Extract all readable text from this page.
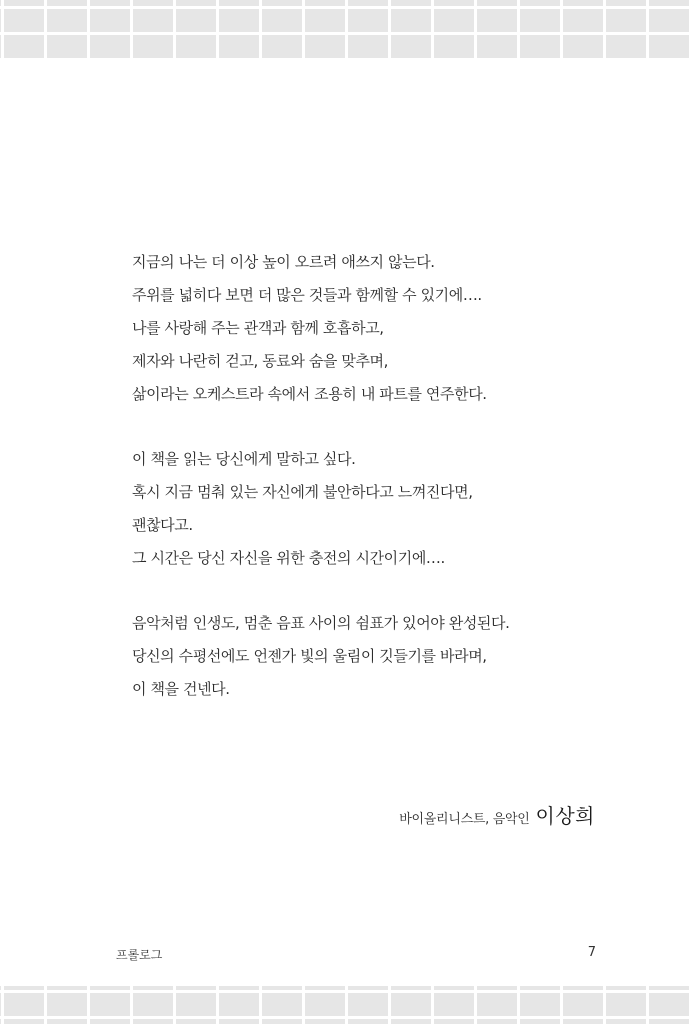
지금의 나는 더 이상 높이 오르려 애쓰지 않는다.
주위를 넓히다 보면 더 많은 것들과 함께할 수 있기에….
나를 사랑해 주는 관객과 함께 호흡하고,
제자와 나란히 걷고, 동료와 숨을 맞추며,
삶이라는 오케스트라 속에서 조용히 내 파트를 연주한다.
이 책을 읽는 당신에게 말하고 싶다.
혹시 지금 멈춰 있는 자신에게 불안하다고 느껴진다면,
괜찮다고.
그 시간은 당신 자신을 위한 충전의 시간이기에….
음악처럼 인생도, 멈춘 음표 사이의 쉼표가 있어야 완성된다.
당신의 수평선에도 언젠가 빛의 울림이 깃들기를 바라며,
이 책을 건넨다.
바이올리니스트, 음악인 이상희
프롤로그	7
